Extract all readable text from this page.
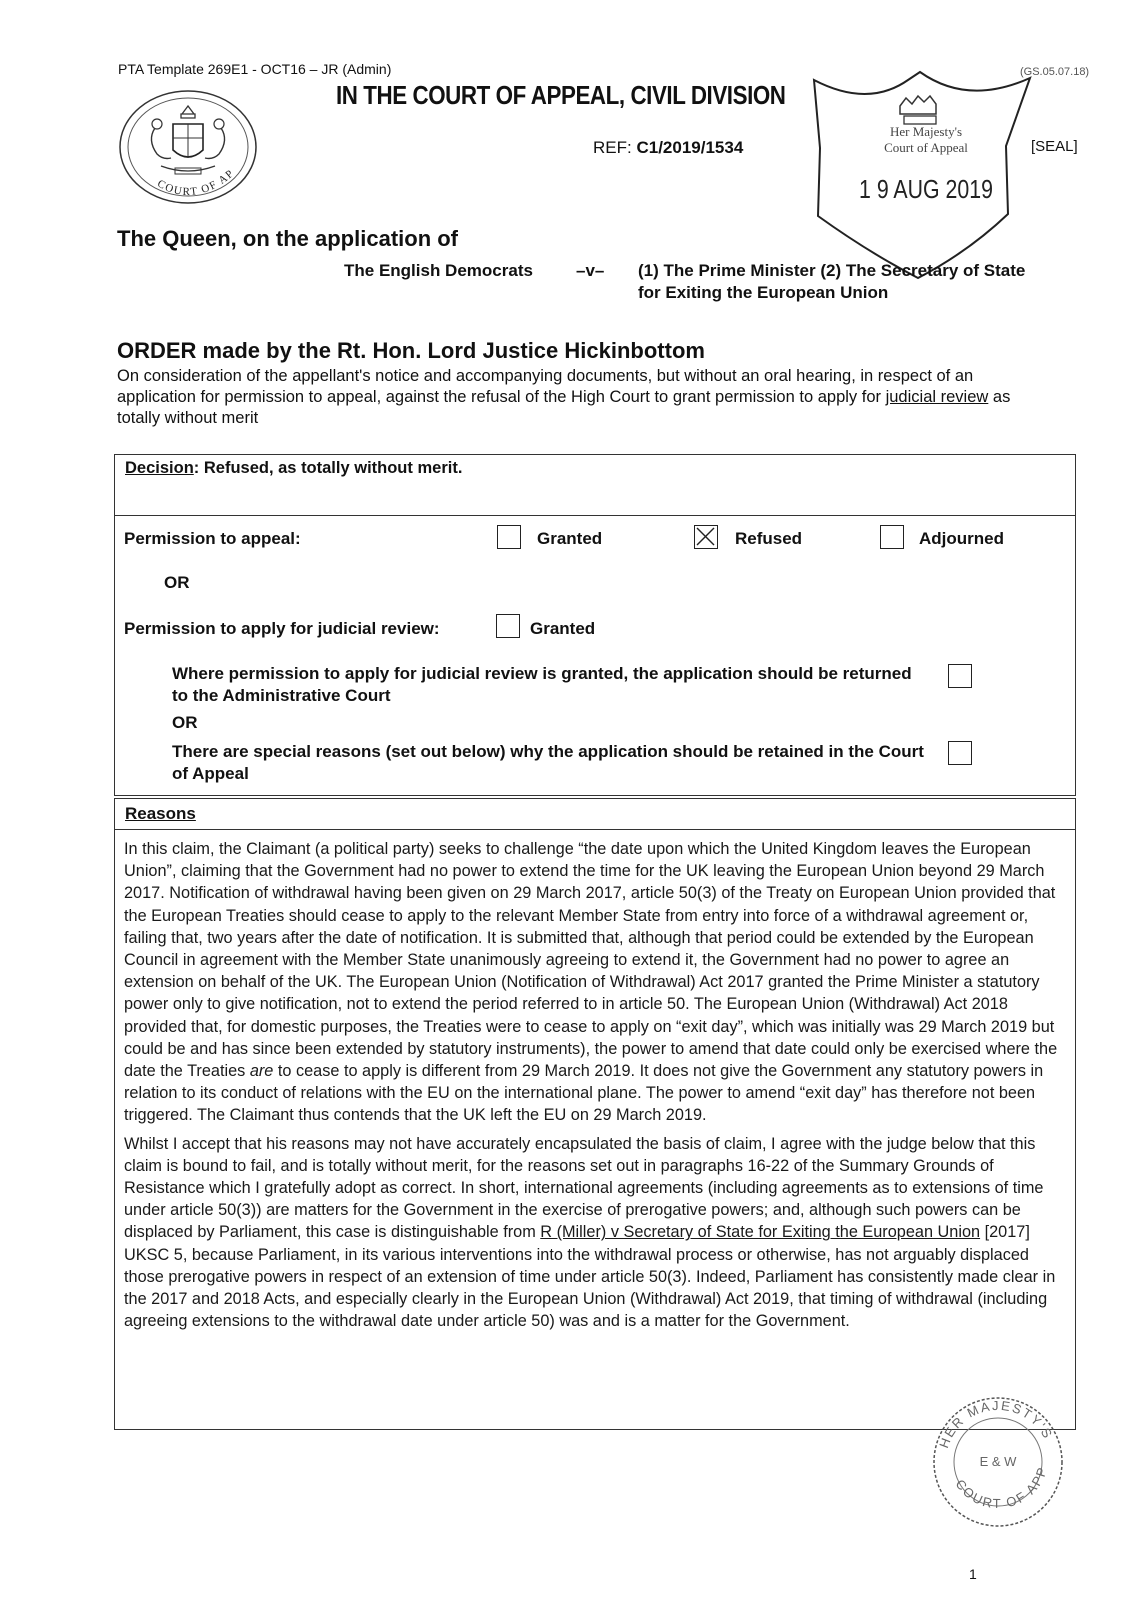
PTA Template 269E1 - OCT16 – JR (Admin)	(GS.05.07.18)
IN THE COURT OF APPEAL, CIVIL DIVISION
COURT OF AP
REF: C1/2019/1534	[SEAL]
Her Majesty's
Court of Appeal
1 9 AUG 2019
The Queen, on the application of
The English Democrats	–v– (1) The Prime Minister (2) The Secretary of State
for Exiting the European Union
ORDER made by the Rt. Hon. Lord Justice Hickinbottom
On consideration of the appellant's notice and accompanying documents, but without an oral hearing, in respect of an application for permission to appeal, against the refusal of the High Court to grant permission to apply for judicial review as totally without merit
Decision: Refused, as totally without merit.
Permission to appeal:	Granted	Refused	Adjourned
OR
Permission to apply for judicial review:	Granted
Where permission to apply for judicial review is granted, the application should be returned to the Administrative Court
OR
There are special reasons (set out below) why the application should be retained in the Court of Appeal
Reasons

In this claim, the Claimant (a political party) seeks to challenge “the date upon which the United Kingdom leaves the European Union”, claiming that the Government had no power to extend the time for the UK leaving the European Union beyond 29 March 2017. Notification of withdrawal having been given on 29 March 2017, article 50(3) of the Treaty on European Union provided that the European Treaties should cease to apply to the relevant Member State from entry into force of a withdrawal agreement or, failing that, two years after the date of notification. It is submitted that, although that period could be extended by the European Council in agreement with the Member State unanimously agreeing to extend it, the Government had no power to agree an extension on behalf of the UK. The European Union (Notification of Withdrawal) Act 2017 granted the Prime Minister a statutory power only to give notification, not to extend the period referred to in article 50. The European Union (Withdrawal) Act 2018 provided that, for domestic purposes, the Treaties were to cease to apply on “exit day”, which was initially was 29 March 2019 but could be and has since been extended by statutory instruments), the power to amend that date could only be exercised where the date the Treaties are to cease to apply is different from 29 March 2019. It does not give the Government any statutory powers in relation to its conduct of relations with the EU on the international plane. The power to amend “exit day” has therefore not been triggered. The Claimant thus contends that the UK left the EU on 29 March 2019.

Whilst I accept that his reasons may not have accurately encapsulated the basis of claim, I agree with the judge below that this claim is bound to fail, and is totally without merit, for the reasons set out in paragraphs 16-22 of the Summary Grounds of Resistance which I gratefully adopt as correct. In short, international agreements (including agreements as to extensions of time under article 50(3)) are matters for the Government in the exercise of prerogative powers; and, although such powers can be displaced by Parliament, this case is distinguishable from R (Miller) v Secretary of State for Exiting the European Union [2017] UKSC 5, because Parliament, in its various interventions into the withdrawal process or otherwise, has not arguably displaced those prerogative powers in respect of an extension of time under article 50(3). Indeed, Parliament has consistently made clear in the 2017 and 2018 Acts, and especially clearly in the European Union (Withdrawal) Act 2019, that timing of withdrawal (including agreeing extensions to the withdrawal date under article 50) was and is a matter for the Government.

HER MAJESTY'S
COURT OF APP
E & W
1
